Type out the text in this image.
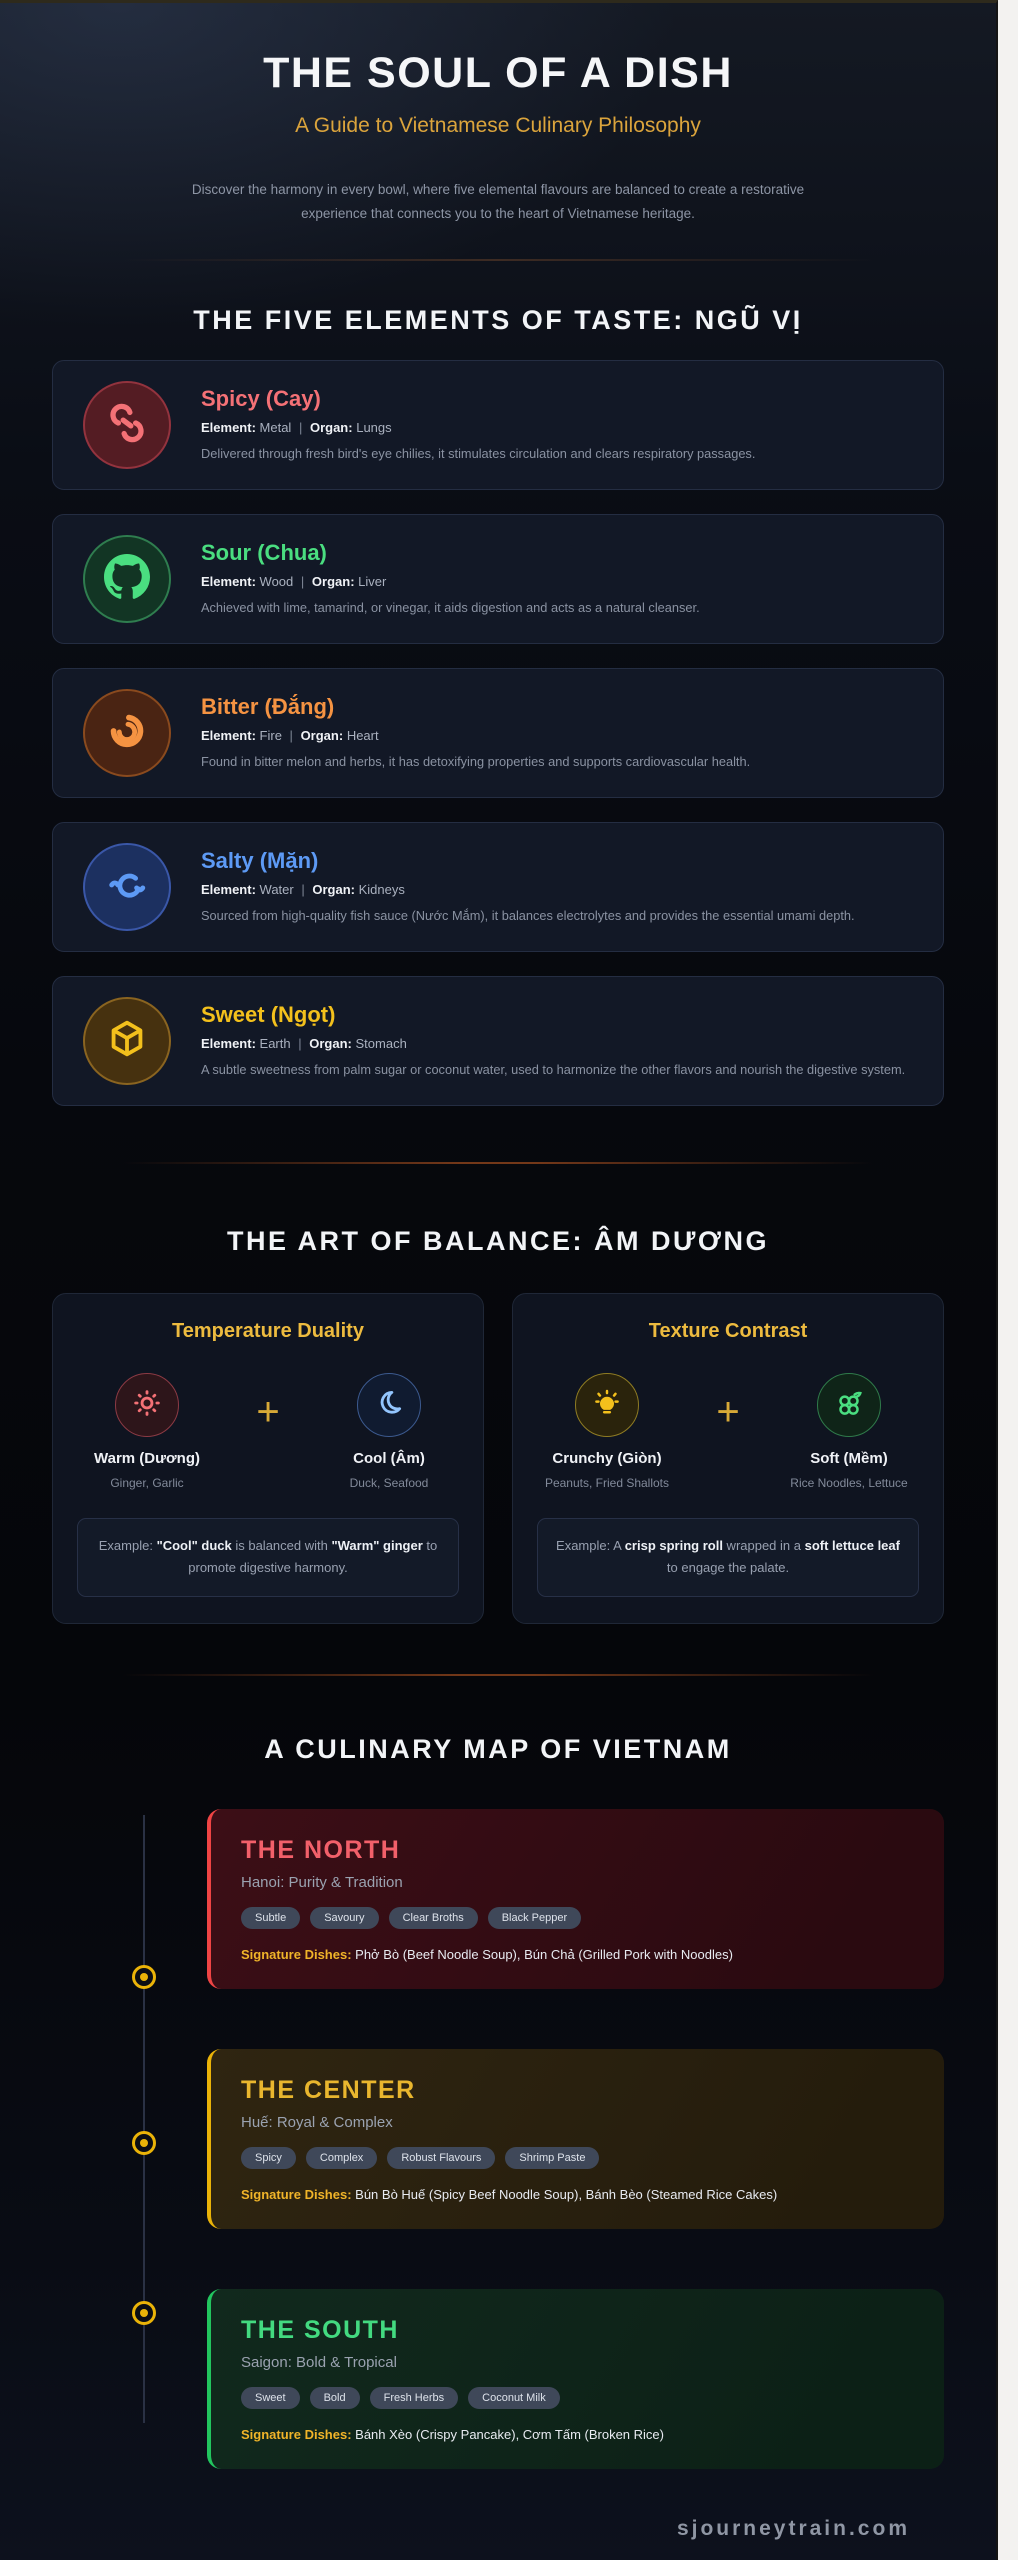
THE SOUL OF A DISH
A Guide to Vietnamese Culinary Philosophy

Discover the harmony in every bowl, where five elemental flavours are balanced to create a restorative experience that connects you to the heart of Vietnamese heritage.

THE FIVE ELEMENTS OF TASTE: NGŨ VỊ
Spicy (Cay)
Element: Metal | Organ: Lungs
Delivered through fresh bird's eye chilies, it stimulates circulation and clears respiratory passages.
Sour (Chua)
Element: Wood | Organ: Liver
Achieved with lime, tamarind, or vinegar, it aids digestion and acts as a natural cleanser.
Bitter (Đắng)
Element: Fire | Organ: Heart
Found in bitter melon and herbs, it has detoxifying properties and supports cardiovascular health.
Salty (Mặn)
Element: Water | Organ: Kidneys
Sourced from high-quality fish sauce (Nước Mắm), it balances electrolytes and provides the essential umami depth.
Sweet (Ngọt)
Element: Earth | Organ: Stomach
A subtle sweetness from palm sugar or coconut water, used to harmonize the other flavors and nourish the digestive system.
THE ART OF BALANCE: ÂM DƯƠNG
Temperature Duality
Warm (Dương)
Ginger, Garlic
+
Cool (Âm)
Duck, Seafood
Example: "Cool" duck is balanced with "Warm" ginger to promote digestive harmony.
Texture Contrast
Crunchy (Giòn)
Peanuts, Fried Shallots
+
Soft (Mềm)
Rice Noodles, Lettuce
Example: A crisp spring roll wrapped in a soft lettuce leaf to engage the palate.
A CULINARY MAP OF VIETNAM
THE NORTH
Hanoi: Purity & Tradition
Subtle	Savoury	Clear Broths	Black Pepper
Signature Dishes: Phở Bò (Beef Noodle Soup), Bún Chả (Grilled Pork with Noodles)
THE CENTER
Huế: Royal & Complex
Spicy	Complex	Robust Flavours	Shrimp Paste
Signature Dishes: Bún Bò Huế (Spicy Beef Noodle Soup), Bánh Bèo (Steamed Rice Cakes)
THE SOUTH
Saigon: Bold & Tropical
Sweet	Bold	Fresh Herbs	Coconut Milk
Signature Dishes: Bánh Xèo (Crispy Pancake), Cơm Tấm (Broken Rice)
sjourneytrain.com
